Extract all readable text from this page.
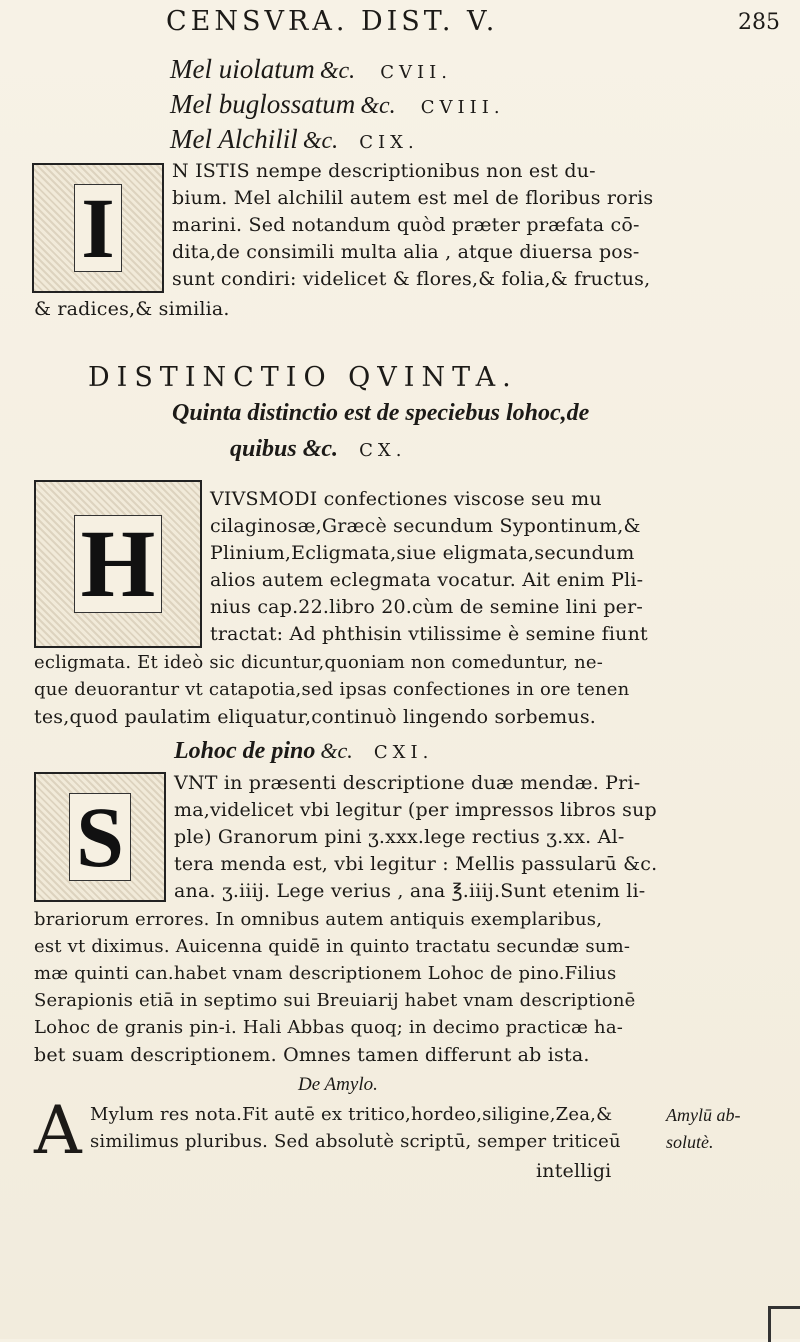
CENSVRA. DIST. V.	285
Mel uiolatum &c. CVII.
Mel buglossatum &c. CVIII.
Mel Alchilil &c. CIX.
I
N ISTIS nempe descriptionibus non est du-
bium. Mel alchilil autem est mel de floribus roris
marini. Sed notandum quòd præter præfata cō-
dita,de consimili multa alia , atque diuersa pos-
sunt condiri: videlicet & flores,& folia,& fructus,
& radices,& similia.
DISTINCTIO QVINTA.
Quinta distinctio est de speciebus lohoc,de
quibus &c. CX.
H
VIVSMODI confectiones viscose seu mu
cilaginosæ,Græcè secundum Sypontinum,&
Plinium,Ecligmata,siue eligmata,secundum
alios autem eclegmata vocatur. Ait enim Pli-
nius cap.22.libro 20.cùm de semine lini per-
tractat: Ad phthisin vtilissime è semine fiunt
ecligmata. Et ideò sic dicuntur,quoniam non comeduntur, ne-
que deuorantur vt catapotia,sed ipsas confectiones in ore tenen
tes,quod paulatim eliquatur,continuò lingendo sorbemus.
Lohoc de pino &c. CXI.
S
VNT in præsenti descriptione duæ mendæ. Pri-
ma,videlicet vbi legitur (per impressos libros sup
ple) Granorum pini ʒ.xxx.lege rectius ʒ.xx. Al-
tera menda est, vbi legitur : Mellis passularū &c.
ana. ʒ.iiij. Lege verius , ana ℥.iiij.Sunt etenim li-
brariorum errores. In omnibus autem antiquis exemplaribus,
est vt diximus. Auicenna quidē in quinto tractatu secundæ sum-
mæ quinti can.habet vnam descriptionem Lohoc de pino.Filius
Serapionis etiā in septimo sui Breuiarij habet vnam descriptionē
Lohoc de granis pin-i. Hali Abbas quoq; in decimo practicæ ha-
bet suam descriptionem. Omnes tamen differunt ab ista.
De Amylo.
A Mylum res nota.Fit autē ex tritico,hordeo,siligine,Zea,&
similimus pluribus. Sed absolutè scriptū, semper triticeū
intelligi
Amylū ab-
solutè.
